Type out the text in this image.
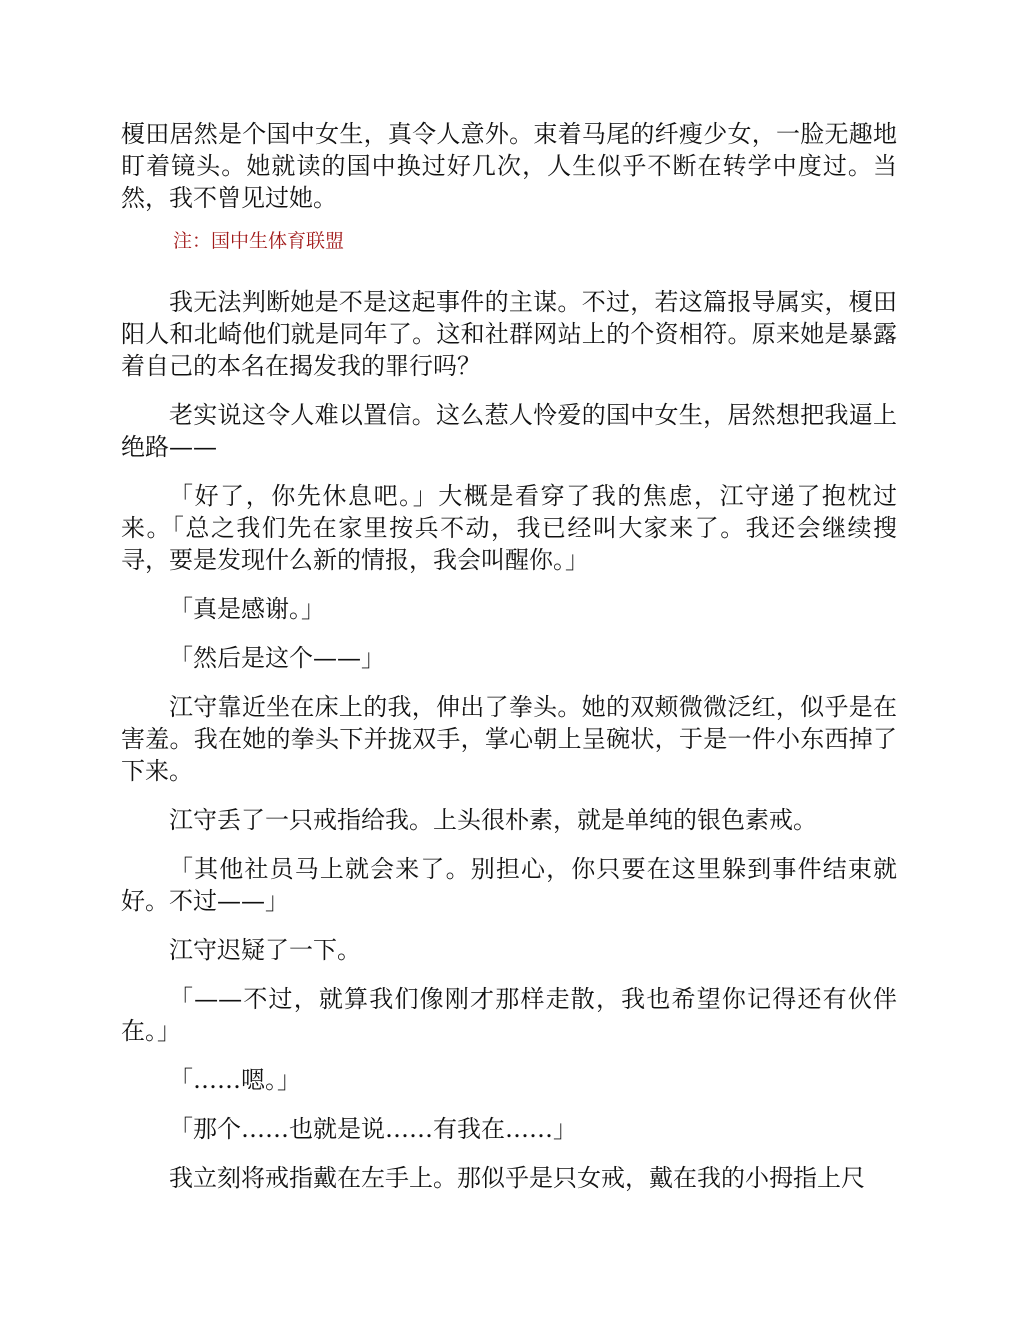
榎田居然是个国中女生，真令人意外。束着马尾的纤瘦少女，一脸无趣地盯着镜头。她就读的国中换过好几次，人生似乎不断在转学中度过。当然，我不曾见过她。

注：国中生体育联盟

我无法判断她是不是这起事件的主谋。不过，若这篇报导属实，榎田阳人和北崎他们就是同年了。这和社群网站上的个资相符。原来她是暴露着自己的本名在揭发我的罪行吗？

老实说这令人难以置信。这么惹人怜爱的国中女生，居然想把我逼上绝路——

「好了，你先休息吧。」大概是看穿了我的焦虑，江守递了抱枕过来。「总之我们先在家里按兵不动，我已经叫大家来了。我还会继续搜寻，要是发现什么新的情报，我会叫醒你。」

「真是感谢。」

「然后是这个——」

江守靠近坐在床上的我，伸出了拳头。她的双颊微微泛红，似乎是在害羞。我在她的拳头下并拢双手，掌心朝上呈碗状，于是一件小东西掉了下来。

江守丢了一只戒指给我。上头很朴素，就是单纯的银色素戒。

「其他社员马上就会来了。别担心，你只要在这里躲到事件结束就好。不过——」

江守迟疑了一下。

「——不过，就算我们像刚才那样走散，我也希望你记得还有伙伴在。」

「……嗯。」

「那个……也就是说……有我在……」

我立刻将戒指戴在左手上。那似乎是只女戒，戴在我的小拇指上尺
